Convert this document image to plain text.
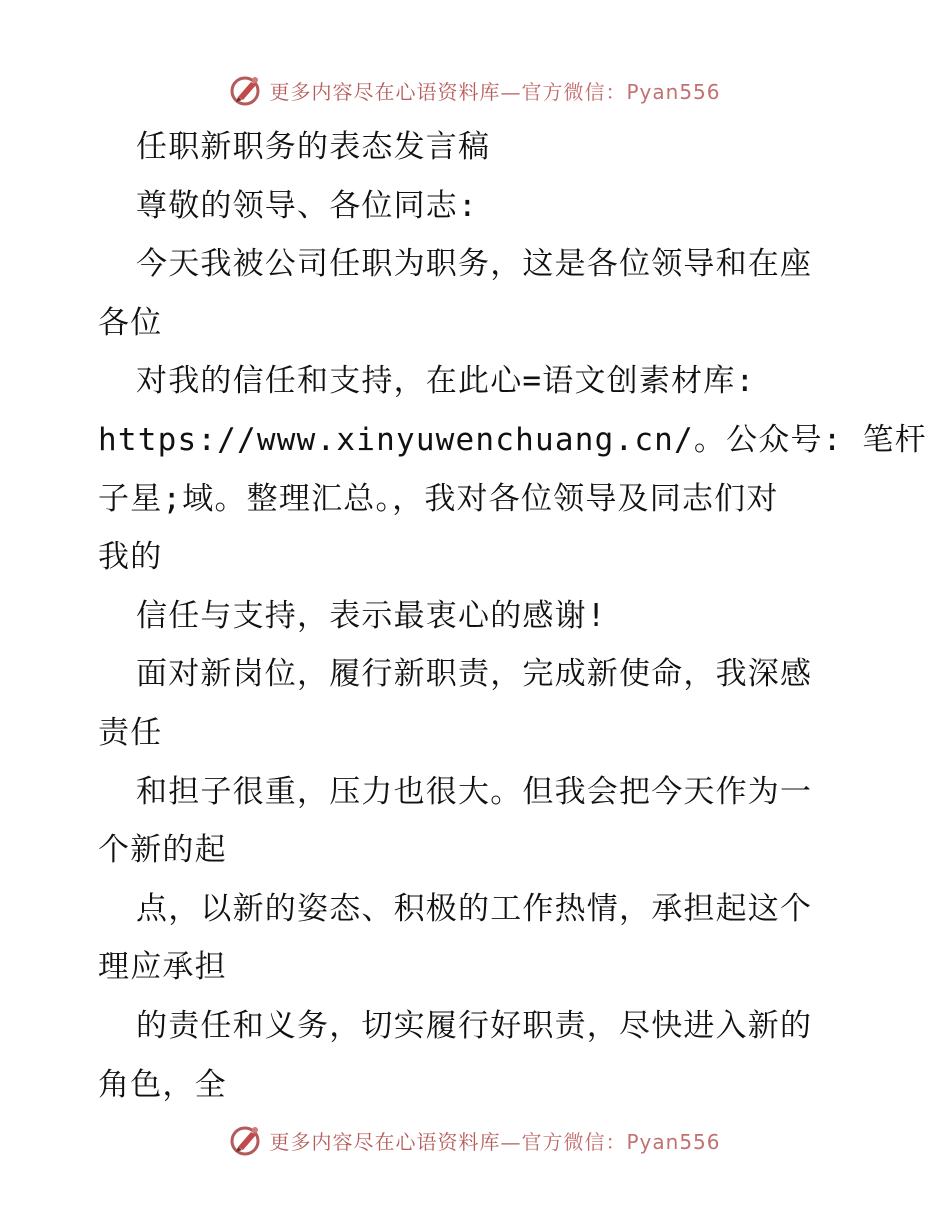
更多内容尽在心语资料库—官方微信：Pyan556
任职新职务的表态发言稿
尊敬的领导、各位同志:
今天我被公司任职为职务，这是各位领导和在座
各位
对我的信任和支持，在此心=语文创素材库:
https://www.xinyuwenchuang.cn/。公众号: 笔杆
子星;域。整理汇总。，我对各位领导及同志们对
我的
信任与支持，表示最衷心的感谢!
面对新岗位，履行新职责，完成新使命，我深感
责任
和担子很重，压力也很大。但我会把今天作为一
个新的起
点，以新的姿态、积极的工作热情，承担起这个
理应承担
的责任和义务，切实履行好职责，尽快进入新的
角色，全
更多内容尽在心语资料库—官方微信：Pyan556
